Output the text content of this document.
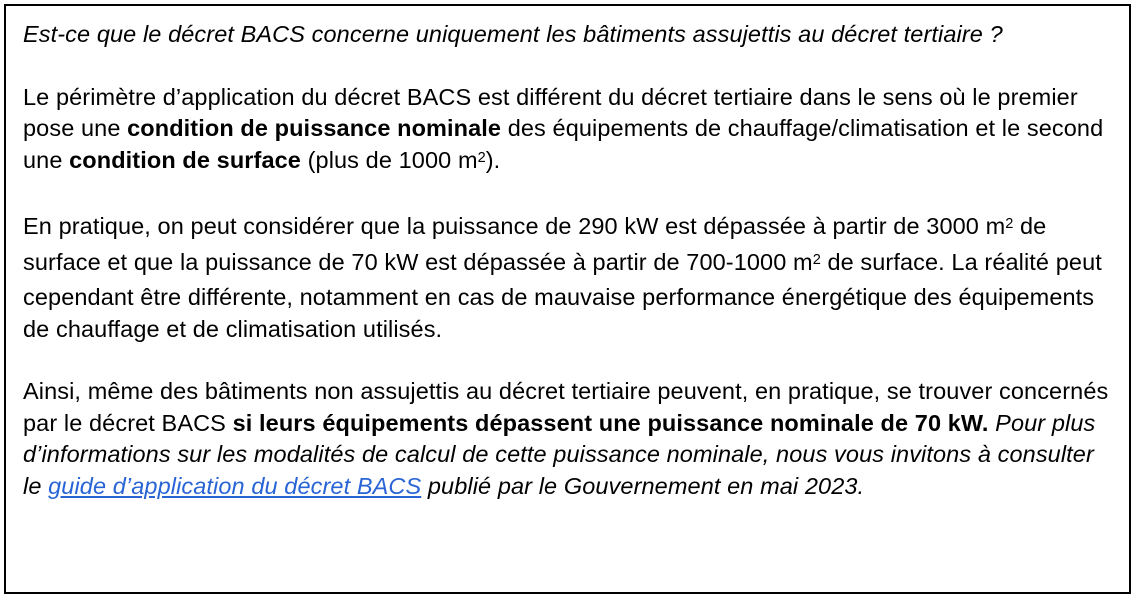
Est-ce que le décret BACS concerne uniquement les bâtiments assujettis au décret tertiaire ?

Le périmètre d’application du décret BACS est différent du décret tertiaire dans le sens où le premier pose une condition de puissance nominale des équipements de chauffage/climatisation et le second une condition de surface (plus de 1000 $m^2$).

En pratique, on peut considérer que la puissance de 290 kW est dépassée à partir de 3000 $m^2$ de surface et que la puissance de 70 kW est dépassée à partir de 700-1000 $m^2$ de surface. La réalité peut cependant être différente, notamment en cas de mauvaise performance énergétique des équipements de chauffage et de climatisation utilisés.

Ainsi, même des bâtiments non assujettis au décret tertiaire peuvent, en pratique, se trouver concernés par le décret BACS si leurs équipements dépassent une puissance nominale de 70 kW. Pour plus d’informations sur les modalités de calcul de cette puissance nominale, nous vous invitons à consulter le guide d’application du décret BACS publié par le Gouvernement en mai 2023.
